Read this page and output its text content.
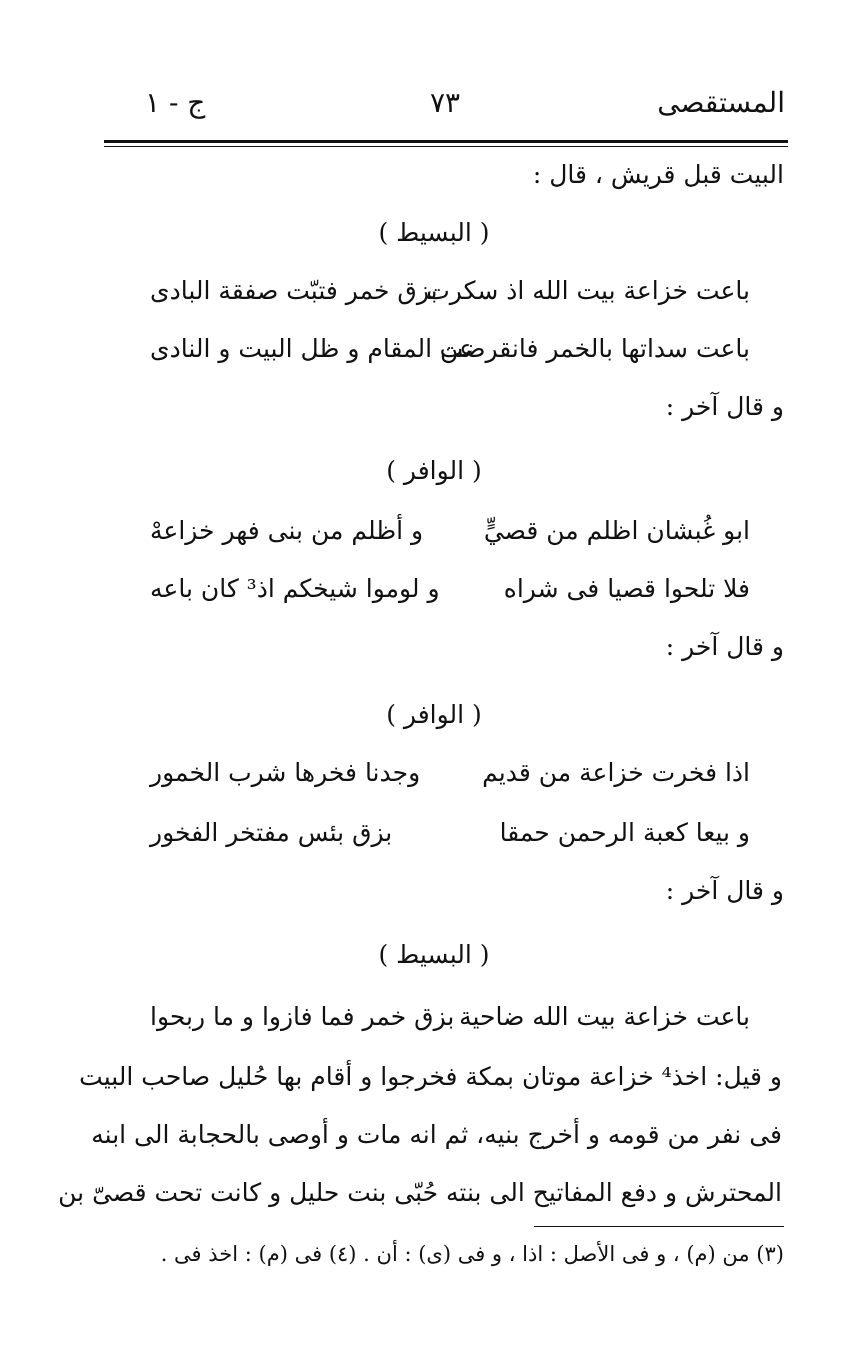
المستقصى
٧٣
ج - ١
البيت قبل قريش ، قال :
( البسيط )
باعت خزاعة بيت الله اذ سكرت
بزق خمر فتبّت صفقة البادى
باعت سداتها بالخمر فانقرضت
عن المقام و ظل البيت و النادى
و قال آخر :
( الوافر )
ابو غُبشان اظلم من قصيٍّ
و أظلم من بنى فهر خزاعهْ
فلا تلحوا قصيا فى شراه
و لوموا شيخكم اذ³ كان باعه
و قال آخر :
( الوافر )
اذا فخرت خزاعة من قديم
وجدنا فخرها شرب الخمور
و بيعا كعبة الرحمن حمقا
بزق بئس مفتخر الفخور
و قال آخر :
( البسيط )
باعت خزاعة بيت الله ضاحية
بزق خمر فما فازوا و ما ربحوا
و قيل: اخذ⁴ خزاعة موتان بمكة فخرجوا و أقام بها حُليل صاحب البيت
فى نفر من قومه و أخرج بنيه، ثم انه مات و أوصى بالحجابة الى ابنه
المحترش و دفع المفاتيح الى بنته حُبّى بنت حليل و كانت تحت قصىّ بن
(٣) من (م) ، و فى الأصل : اذا ، و فى (ى) : أن . (٤) فى (م) : اخذ فى .
